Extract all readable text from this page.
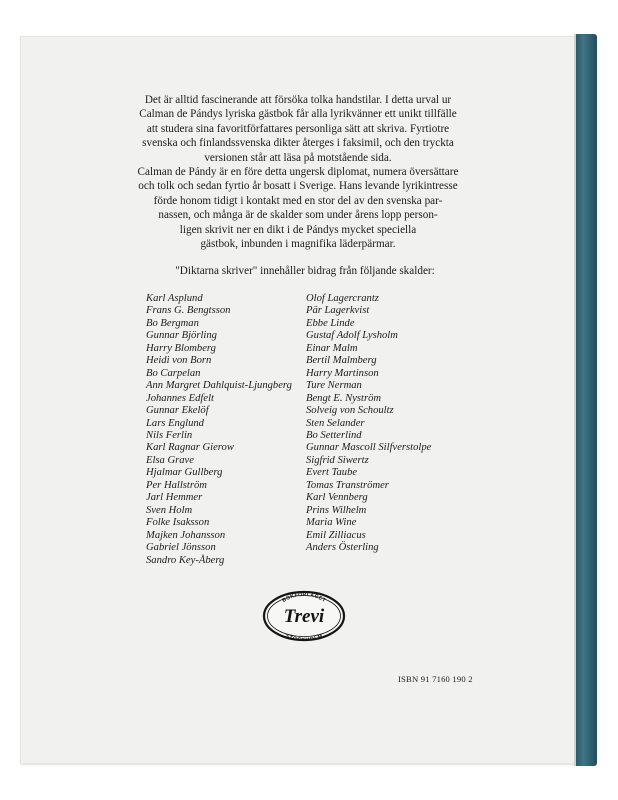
Det är alltid fascinerande att försöka tolka handstilar. I detta urval ur
Calman de Pándys lyriska gästbok får alla lyrikvänner ett unikt tillfälle
att studera sina favoritförfattares personliga sätt att skriva. Fyrtiotre
svenska och finlandssvenska dikter återges i faksimil, och den tryckta
versionen står att läsa på motstående sida.
Calman de Pándy är en före detta ungersk diplomat, numera översättare
och tolk och sedan fyrtio år bosatt i Sverige. Hans levande lyrikintresse
förde honom tidigt i kontakt med en stor del av den svenska par-
nassen, och många är de skalder som under årens lopp person-
ligen skrivit ner en dikt i de Pándys mycket speciella
gästbok, inbunden i magnifika läderpärmar.
"Diktarna skriver" innehåller bidrag från följande skalder:
Karl Asplund
Frans G. Bengtsson
Bo Bergman
Gunnar Björling
Harry Blomberg
Heidi von Born
Bo Carpelan
Ann Margret Dahlquist-Ljungberg
Johannes Edfelt
Gunnar Ekelöf
Lars Englund
Nils Ferlin
Karl Ragnar Gierow
Elsa Grave
Hjalmar Gullberg
Per Hallström
Jarl Hemmer
Sven Holm
Folke Isaksson
Majken Johansson
Gabriel Jönsson
Sandro Key-Åberg
Olof Lagercrantz
Pär Lagerkvist
Ebbe Linde
Gustaf Adolf Lysholm
Einar Malm
Bertil Malmberg
Harry Martinson
Ture Nerman
Bengt E. Nyström
Solveig von Schoultz
Sten Selander
Bo Setterlind
Gunnar Mascoll Silfverstolpe
Sigfrid Siwertz
Evert Taube
Tomas Tranströmer
Karl Vennberg
Prins Wilhelm
Maria Wine
Emil Zilliacus
Anders Österling
BOKFÖRLAGET
Trevi
STOCKHOLM
ISBN 91 7160 190 2
